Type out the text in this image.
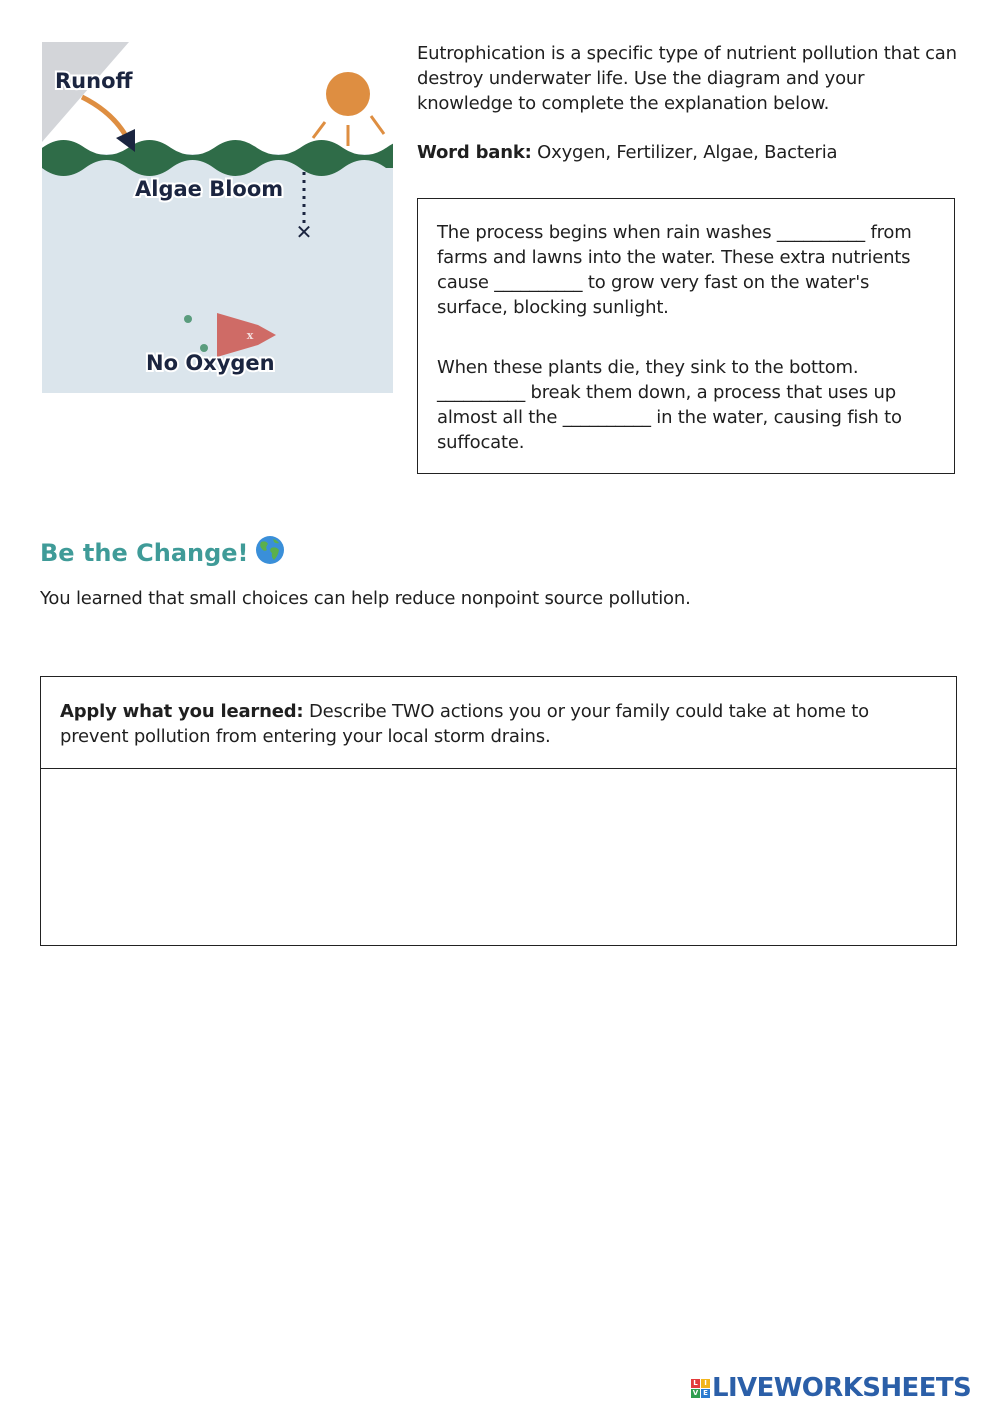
✕
Runoff
Algae Bloom
x
No Oxygen

Eutrophication is a specific type of nutrient pollution that can destroy underwater life. Use the diagram and your knowledge to complete the explanation below.

Word bank: Oxygen, Fertilizer, Algae, Bacteria

The process begins when rain washes __________ from farms and lawns into the water. These extra nutrients cause __________ to grow very fast on the water's surface, blocking sunlight.

When these plants die, they sink to the bottom. __________ break them down, a process that uses up almost all the __________ in the water, causing fish to suffocate.

Be the Change!

You learned that small choices can help reduce nonpoint source pollution.

Apply what you learned: Describe TWO actions you or your family could take at home to prevent pollution from entering your local storm drains.

L I
V E LIVEWORKSHEETS
